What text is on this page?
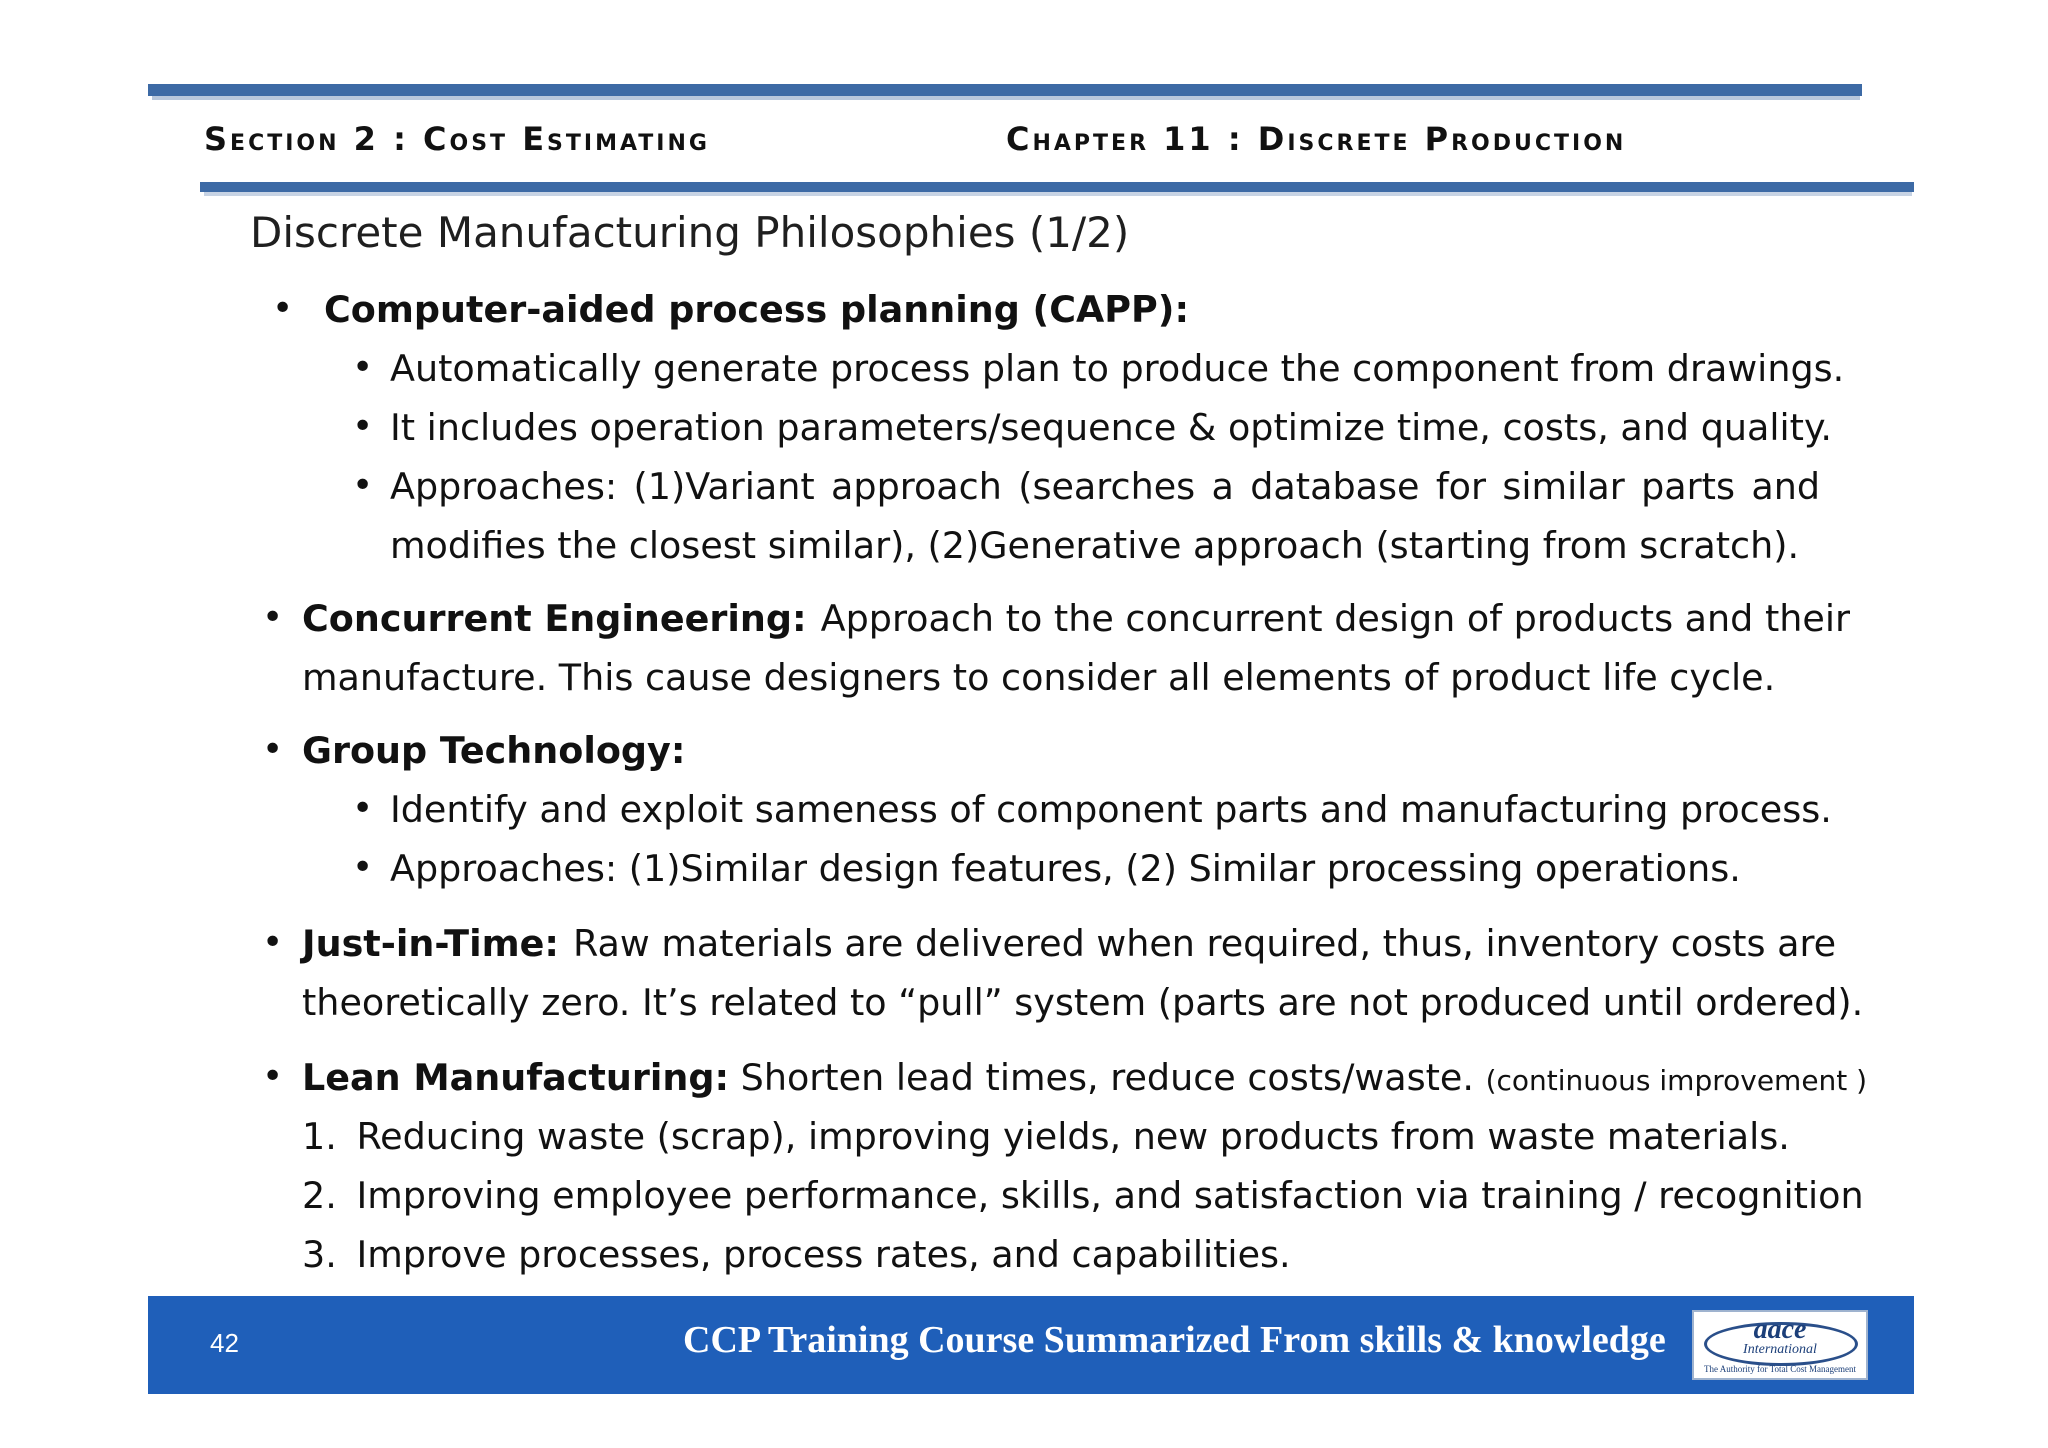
Section 2 : Cost Estimating	Chapter 11 : Discrete Production
Discrete Manufacturing Philosophies (1/2)
• Computer-aided process planning (CAPP):
• Automatically generate process plan to produce the component from drawings.
• It includes operation parameters/sequence & optimize time, costs, and quality.
• Approaches: (1)Variant approach (searches a database for similar parts and
modifies the closest similar), (2)Generative approach (starting from scratch).
• Concurrent Engineering: Approach to the concurrent design of products and their
manufacture. This cause designers to consider all elements of product life cycle.
• Group Technology:
• Identify and exploit sameness of component parts and manufacturing process.
• Approaches: (1)Similar design features, (2) Similar processing operations.
• Just-in-Time: Raw materials are delivered when required, thus, inventory costs are
theoretically zero. It’s related to “pull” system (parts are not produced until ordered).
• Lean Manufacturing: Shorten lead times, reduce costs/waste. (continuous improvement )
1. Reducing waste (scrap), improving yields, new products from waste materials.
2. Improving employee performance, skills, and satisfaction via training / recognition
3. Improve processes, process rates, and capabilities.
42	CCP Training Course Summarized From skills & knowledge	aace
International
The Authority for Total Cost Management
